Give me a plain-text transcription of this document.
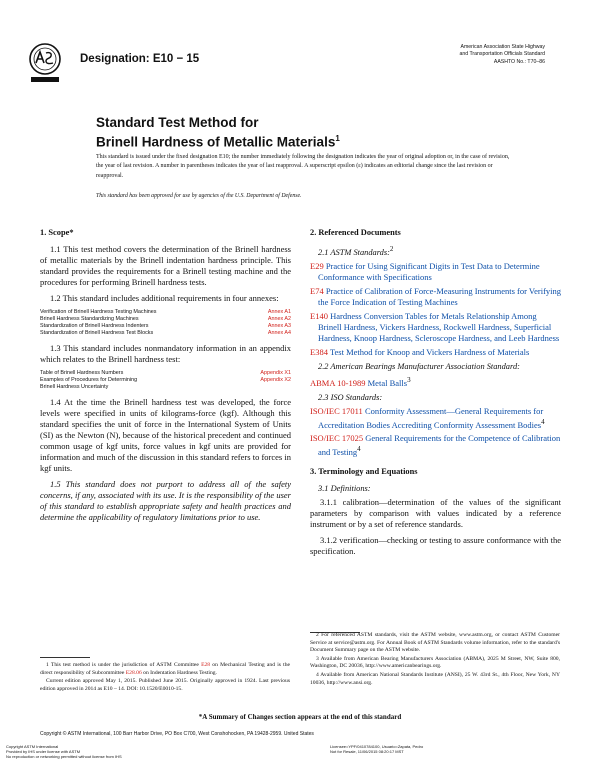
Designation: E10 − 15
American Association State Highway
and Transportation Officials Standard
AASHTO No.: T70–86
Standard Test Method for
Brinell Hardness of Metallic Materials$^1$
This standard is issued under the fixed designation E10; the number immediately following the designation indicates the year of original adoption or, in the case of revision, the year of last revision. A number in parentheses indicates the year of last reapproval. A superscript epsilon (ε) indicates an editorial change since the last revision or reapproval.
This standard has been approved for use by agencies of the U.S. Department of Defense.
1. Scope*

1.1 This test method covers the determination of the Brinell hardness of metallic materials by the Brinell indentation hardness principle. This standard provides the requirements for a Brinell testing machine and the procedures for performing Brinell hardness tests.

1.2 This standard includes additional requirements in four annexes:

Verification of Brinell Hardness Testing Machines	Annex A1
Brinell Hardness Standardizing Machines	Annex A2
Standardization of Brinell Hardness Indenters	Annex A3
Standardization of Brinell Hardness Test Blocks	Annex A4

1.3 This standard includes nonmandatory information in an appendix which relates to the Brinell hardness test:

Table of Brinell Hardness Numbers	Appendix X1
Examples of Procedures for Determining	Appendix X2
Brinell Hardness Uncertainty	

1.4 At the time the Brinell hardness test was developed, the force levels were specified in units of kilograms-force (kgf). Although this standard specifies the unit of force in the International System of Units (SI) as the Newton (N), because of the historical precedent and continued common usage of kgf units, force values in kgf units are provided for information and much of the discussion in this standard refers to forces in kgf units.

1.5 This standard does not purport to address all of the safety concerns, if any, associated with its use. It is the responsibility of the user of this standard to establish appropriate safety and health practices and determine the applicability of regulatory limitations prior to use.

1 This test method is under the jurisdiction of ASTM Committee E28 on Mechanical Testing and is the direct responsibility of Subcommittee E28.06 on Indentation Hardness Testing.

Current edition approved May 1, 2015. Published June 2015. Originally approved in 1924. Last previous edition approved in 2014 as E10 – 14. DOI: 10.1520/E0010-15.

2. Referenced Documents
2.1 ASTM Standards:$^2$
E29 Practice for Using Significant Digits in Test Data to Determine Conformance with Specifications
E74 Practice of Calibration of Force-Measuring Instruments for Verifying the Force Indication of Testing Machines
E140 Hardness Conversion Tables for Metals Relationship Among Brinell Hardness, Vickers Hardness, Rockwell Hardness, Superficial Hardness, Knoop Hardness, Scleroscope Hardness, and Leeb Hardness
E384 Test Method for Knoop and Vickers Hardness of Materials
2.2 American Bearings Manufacturer Association Standard:
ABMA 10-1989 Metal Balls$^3$
2.3 ISO Standards:
ISO/IEC 17011 Conformity Assessment—General Requirements for Accreditation Bodies Accrediting Conformity Assessment Bodies$^4$
ISO/IEC 17025 General Requirements for the Competence of Calibration and Testing$^4$
3. Terminology and Equations
3.1 Definitions:

3.1.1 calibration—determination of the values of the significant parameters by comparison with values indicated by a reference instrument or by a set of reference standards.

3.1.2 verification—checking or testing to assure conformance with the specification.

2 For referenced ASTM standards, visit the ASTM website, www.astm.org, or contact ASTM Customer Service at service@astm.org. For Annual Book of ASTM Standards volume information, refer to the standard's Document Summary page on the ASTM website.

3 Available from American Bearing Manufacturers Association (ABMA), 2025 M Street, NW, Suite 800, Washington, DC 20036, http://www.americanbearings.org.

4 Available from American National Standards Institute (ANSI), 25 W. 43rd St., 4th Floor, New York, NY 10036, http://www.ansi.org.

*A Summary of Changes section appears at the end of this standard
Copyright © ASTM International, 100 Barr Harbor Drive, PO Box C700, West Conshohocken, PA 19428-2959. United States
Copyright ASTM International
Provided by IHS under license with ASTM
No reproduction or networking permitted without license from IHS
Licensee=YPF/0410784100, Usuario=Zapata, Pedro
Not for Resale, 11/06/2015 08:20:17 MST
